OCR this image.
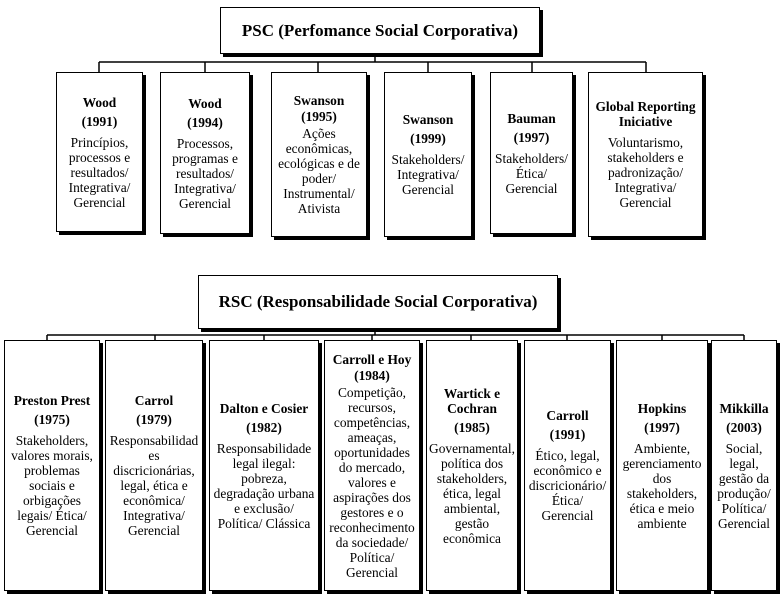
PSC (Perfomance Social Corporativa)
Wood
(1991)
Princípios, processos e resultados/ Integrativa/ Gerencial
Wood
(1994)
Processos, programas e resultados/ Integrativa/ Gerencial
Swanson
(1995)
Ações econômicas, ecológicas e de poder/ Instrumental/ Ativista
Swanson
(1999)
Stakeholders/ Integrativa/ Gerencial
Bauman
(1997)
Stakeholders/ Ética/ Gerencial
Global Reporting Iniciative
Voluntarismo, stakeholders e padronização/ Integrativa/ Gerencial
RSC (Responsabilidade Social Corporativa)
Preston Prest
(1975)
Stakeholders, valores morais, problemas sociais e orbigações legais/ Ética/ Gerencial
Carrol
(1979)
Responsabilidades discricionárias, legal, ética e econômica/ Integrativa/ Gerencial
Dalton e Cosier
(1982)
Responsabilidade legal ilegal: pobreza, degradação urbana e exclusão/ Política/ Clássica
Carroll e Hoy
(1984)
Competição, recursos, competências, ameaças, oportunidades do mercado, valores e aspirações dos gestores e o reconhecimento da sociedade/ Política/ Gerencial
Wartick e Cochran
(1985)
Governamental, política dos stakeholders, ética, legal ambiental, gestão econômica
Carroll
(1991)
Ético, legal, econômico e discricionário/ Ética/ Gerencial
Hopkins
(1997)
Ambiente, gerenciamento dos stakeholders, ética e meio ambiente
Mikkilla
(2003)
Social, legal, gestão da produção/ Política/ Gerencial
